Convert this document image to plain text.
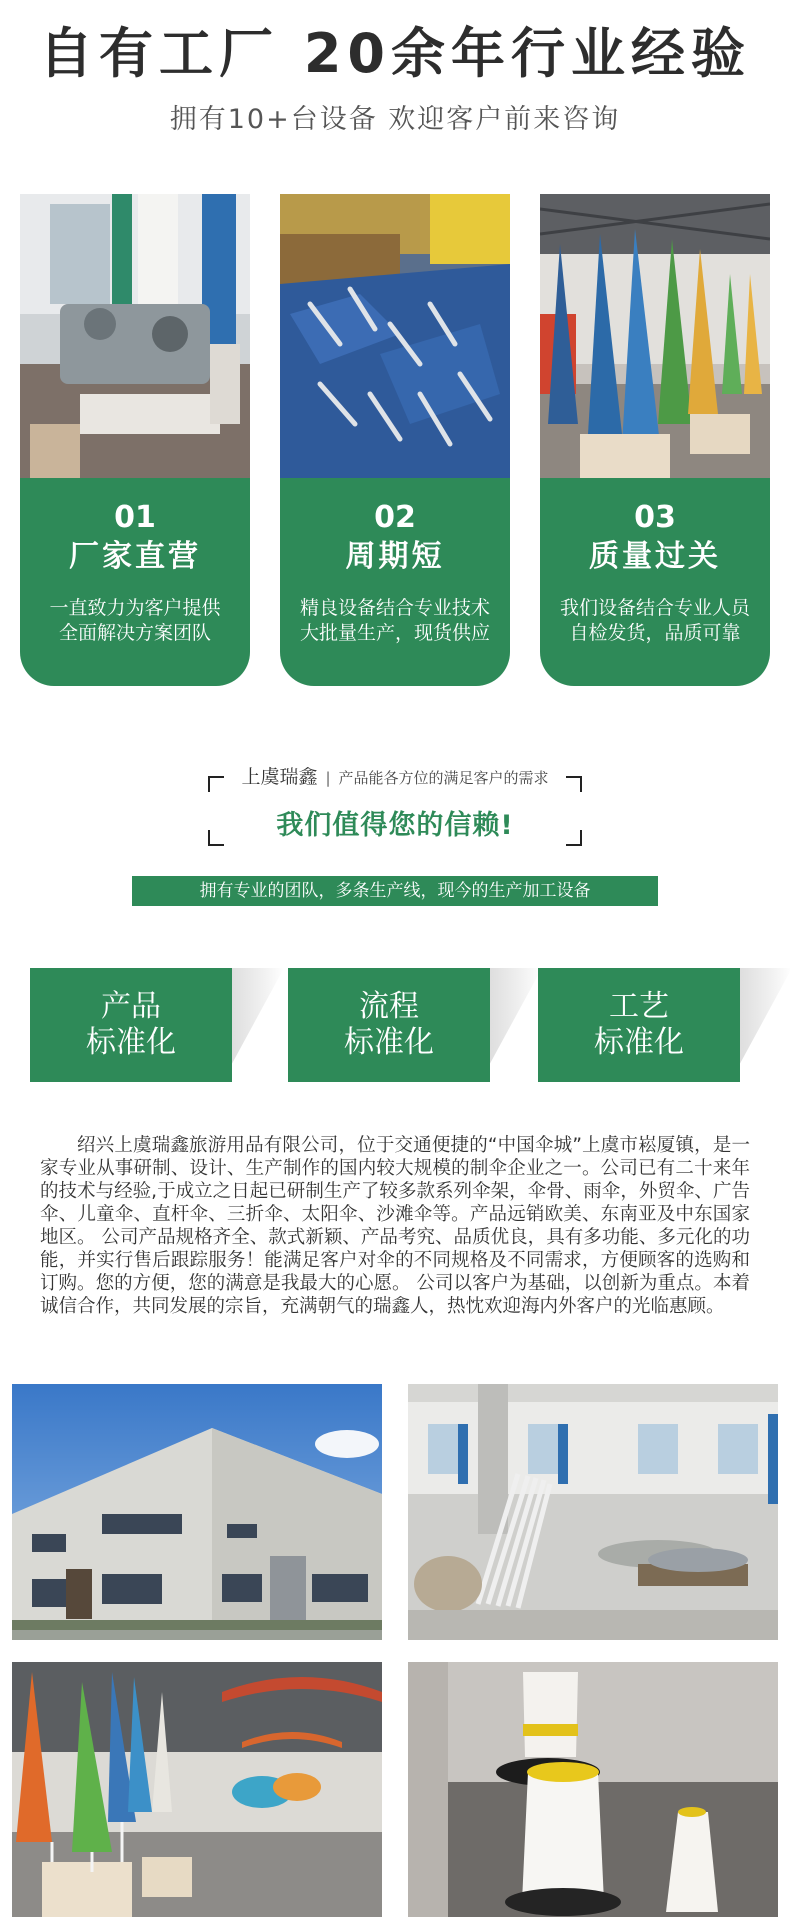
自有工厂 20余年行业经验
拥有10+台设备 欢迎客户前来咨询
01
厂家直营
一直致力为客户提供
全面解决方案团队
02
周期短
精良设备结合专业技术
大批量生产，现货供应
03
质量过关
我们设备结合专业人员
自检发货，品质可靠
上虞瑞鑫 | 产品能各方位的满足客户的需求
我们值得您的信赖!
拥有专业的团队，多条生产线，现今的生产加工设备
产品
标准化
流程
标准化
工艺
标准化

绍兴上虞瑞鑫旅游用品有限公司，位于交通便捷的“中国伞城”上虞市崧厦镇，是一家专业从事研制、设计、生产制作的国内较大规模的制伞企业之一。公司已有二十来年的技术与经验,于成立之日起已研制生产了较多款系列伞架，伞骨、雨伞，外贸伞、广告伞、儿童伞、直杆伞、三折伞、太阳伞、沙滩伞等。产品远销欧美、东南亚及中东国家地区。 公司产品规格齐全、款式新颖、产品考究、品质优良，具有多功能、多元化的功能，并实行售后跟踪服务！能满足客户对伞的不同规格及不同需求，方便顾客的选购和订购。您的方便，您的满意是我最大的心愿。 公司以客户为基础，以创新为重点。本着诚信合作，共同发展的宗旨，充满朝气的瑞鑫人，热忱欢迎海内外客户的光临惠顾。
